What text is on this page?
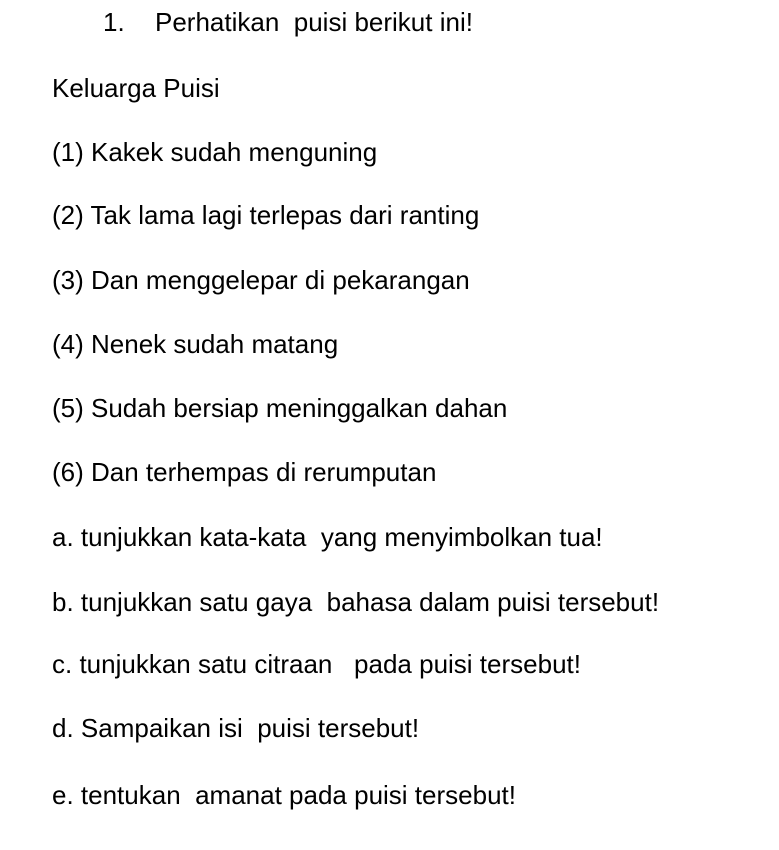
1. Perhatikan  puisi berikut ini!
Keluarga Puisi
(1) Kakek sudah menguning
(2) Tak lama lagi terlepas dari ranting
(3) Dan menggelepar di pekarangan
(4) Nenek sudah matang
(5) Sudah bersiap meninggalkan dahan
(6) Dan terhempas di rerumputan
a. tunjukkan kata-kata  yang menyimbolkan tua!
b. tunjukkan satu gaya  bahasa dalam puisi tersebut!
c. tunjukkan satu citraan   pada puisi tersebut!
d. Sampaikan isi  puisi tersebut!
e. tentukan  amanat pada puisi tersebut!
